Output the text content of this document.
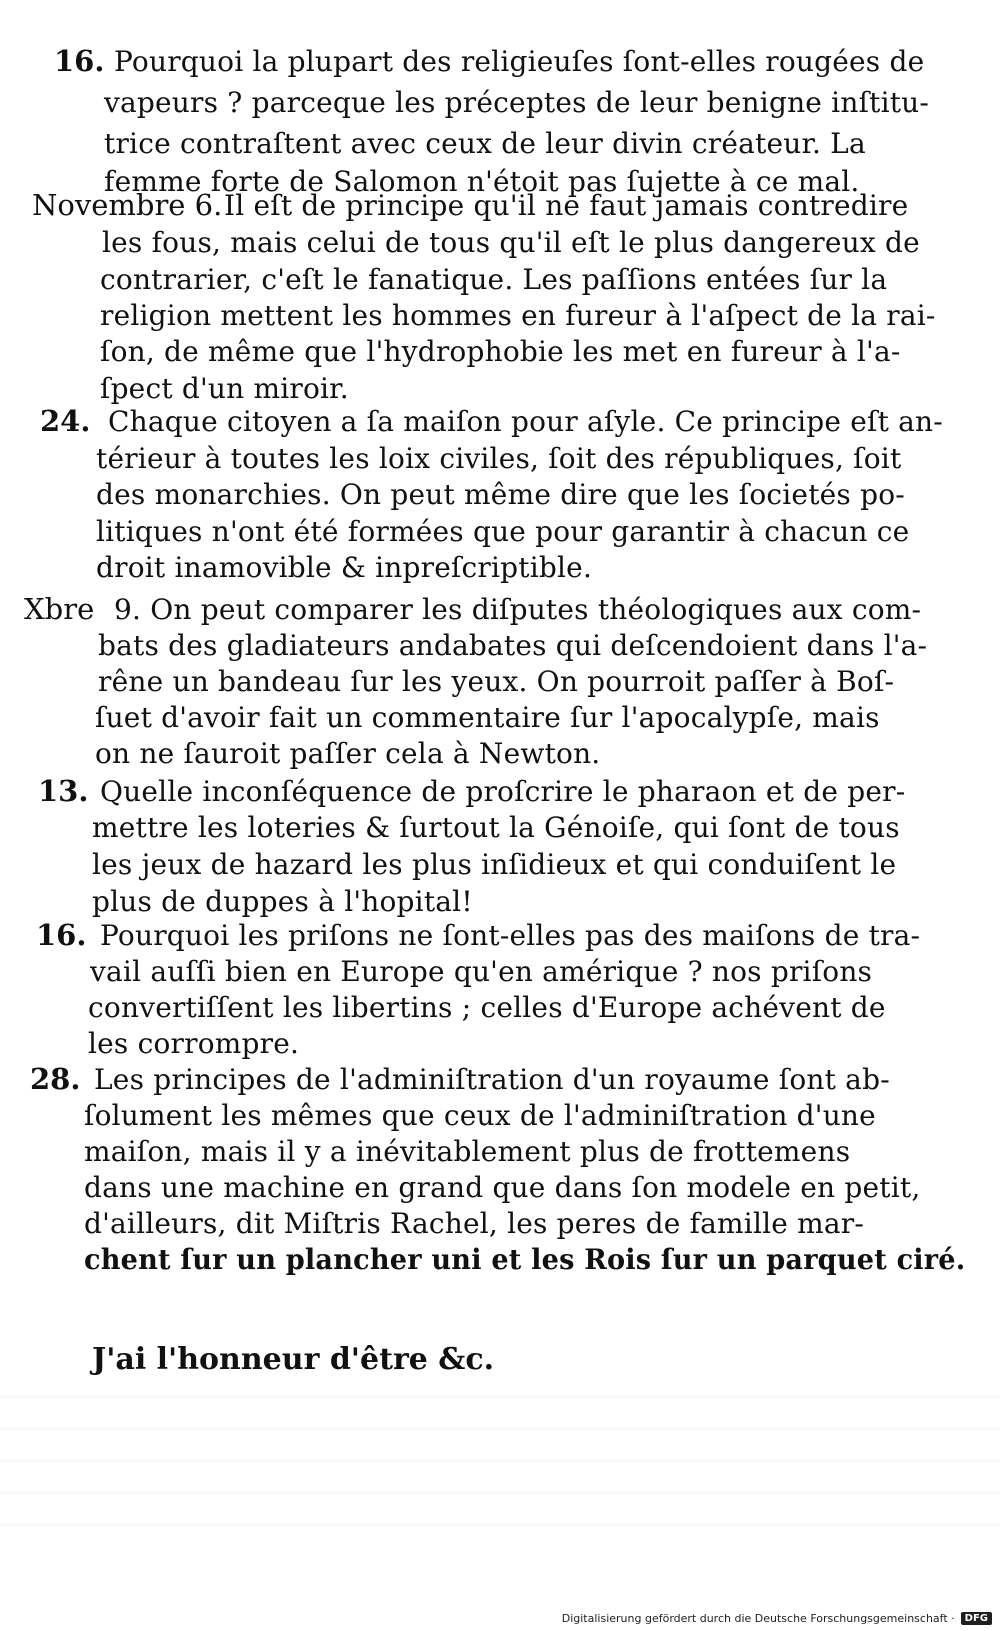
16. Pourquoi la plupart des religieuſes ſont-elles rougées de
vapeurs ? parceque les préceptes de leur benigne inſtitu-
trice contraſtent avec ceux de leur divin créateur. La
femme forte de Salomon n'étoit pas ſujette à ce mal.
Novembre 6. Il eſt de principe qu'il ne faut jamais contredire
les fous, mais celui de tous qu'il eſt le plus dangereux de
contrarier, c'eſt le fanatique. Les paſſions entées ſur la
religion mettent les hommes en fureur à l'aſpect de la rai-
ſon, de même que l'hydrophobie les met en fureur à l'a-
ſpect d'un miroir.
24. Chaque citoyen a ſa maiſon pour aſyle. Ce principe eſt an-
térieur à toutes les loix civiles, ſoit des républiques, ſoit
des monarchies. On peut même dire que les ſocietés po-
litiques n'ont été formées que pour garantir à chacun ce
droit inamovible & inpreſcriptible.
Xbre 9. On peut comparer les diſputes théologiques aux com-
bats des gladiateurs andabates qui deſcendoient dans l'a-
rêne un bandeau ſur les yeux. On pourroit paſſer à Boſ-
ſuet d'avoir fait un commentaire ſur l'apocalypſe, mais
on ne ſauroit paſſer cela à Newton.
13. Quelle inconſéquence de proſcrire le pharaon et de per-
mettre les loteries & ſurtout la Génoiſe, qui ſont de tous
les jeux de hazard les plus inſidieux et qui conduiſent le
plus de duppes à l'hopital!
16. Pourquoi les priſons ne ſont-elles pas des maiſons de tra-
vail auſſi bien en Europe qu'en amérique ? nos priſons
convertiſſent les libertins ; celles d'Europe achévent de
les corrompre.
28. Les principes de l'adminiſtration d'un royaume ſont ab-
ſolument les mêmes que ceux de l'adminiſtration d'une
maiſon, mais il y a inévitablement plus de frottemens
dans une machine en grand que dans ſon modele en petit,
d'ailleurs, dit Miſtris Rachel, les peres de famille mar-
chent ſur un plancher uni et les Rois ſur un parquet ciré.
J'ai l'honneur d'être &c.
Digitalisierung gefördert durch die Deutsche Forschungsgemeinschaft ·	DFG
